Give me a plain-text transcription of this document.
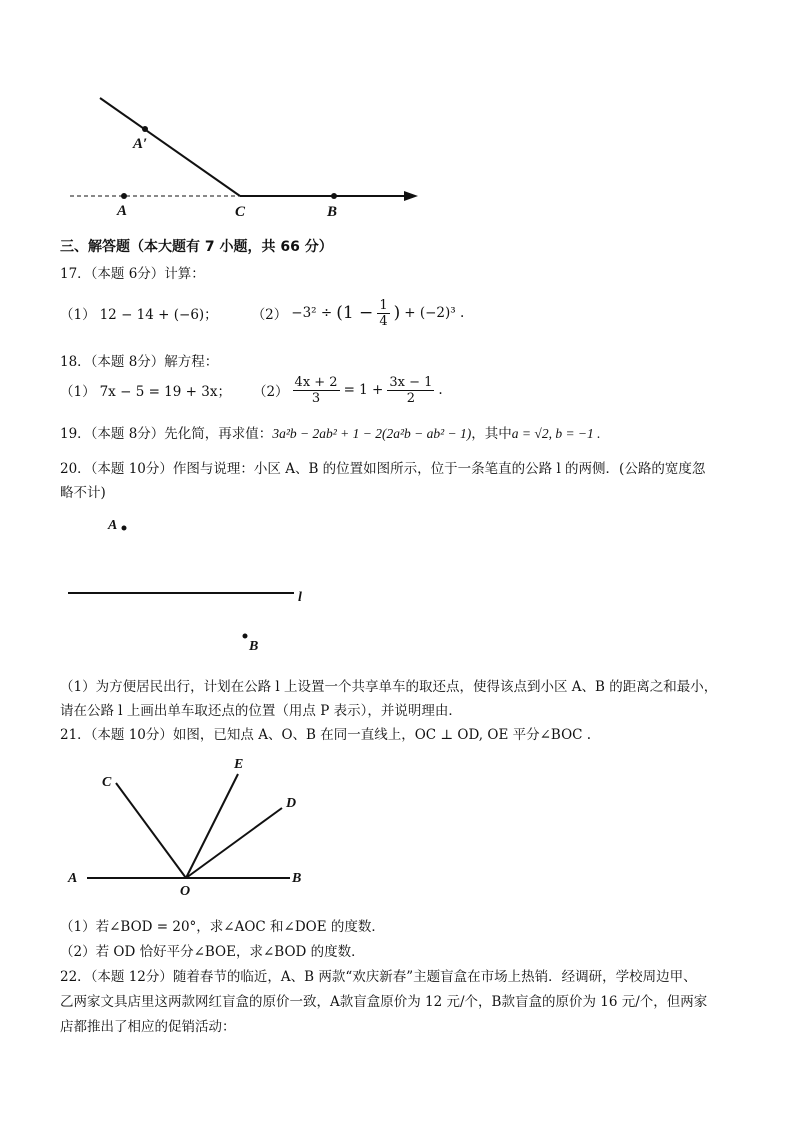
A′
A	C	B
三、解答题（本大题有 7 小题，共 66 分）
17．（本题 6分）计算：
（1） 12 − 14 + (−6)；	$(2) -3^2 \div (1 - \frac{1}{4}$ ) + (−2)³ .
18．（本题 8分）解方程：
（1） 7x − 5 = 19 + 3x； $(2) \frac{4x + 2}{3} = 1 + \frac{3x - 1}{2}$ .
19．（本题 8分）先化简，再求值：3a²b − 2ab² + 1 − 2(2a²b − ab² − 1)，其中a = √2, b = −1 .
20．（本题 10分）作图与说理：小区 A、B 的位置如图所示，位于一条笔直的公路 l 的两侧．(公路的宽度忽
略不计)
A
l
B
（1）为方便居民出行，计划在公路 l 上设置一个共享单车的取还点，使得该点到小区 A、B 的距离之和最小，
请在公路 l 上画出单车取还点的位置（用点 P 表示），并说明理由．
21．（本题 10分）如图，已知点 A、O、B 在同一直线上，OC ⊥ OD, OE 平分∠BOC .
C
E
D
A
O
B
（1）若∠BOD = 20°，求∠AOC 和∠DOE 的度数．
（2）若 OD 恰好平分∠BOE，求∠BOD 的度数．
22．（本题 12分）随着春节的临近，A、B 两款“欢庆新春”主题盲盒在市场上热销．经调研，学校周边甲、
乙两家文具店里这两款网红盲盒的原价一致，A款盲盒原价为 12 元/个，B款盲盒的原价为 16 元/个，但两家
店都推出了相应的促销活动：
